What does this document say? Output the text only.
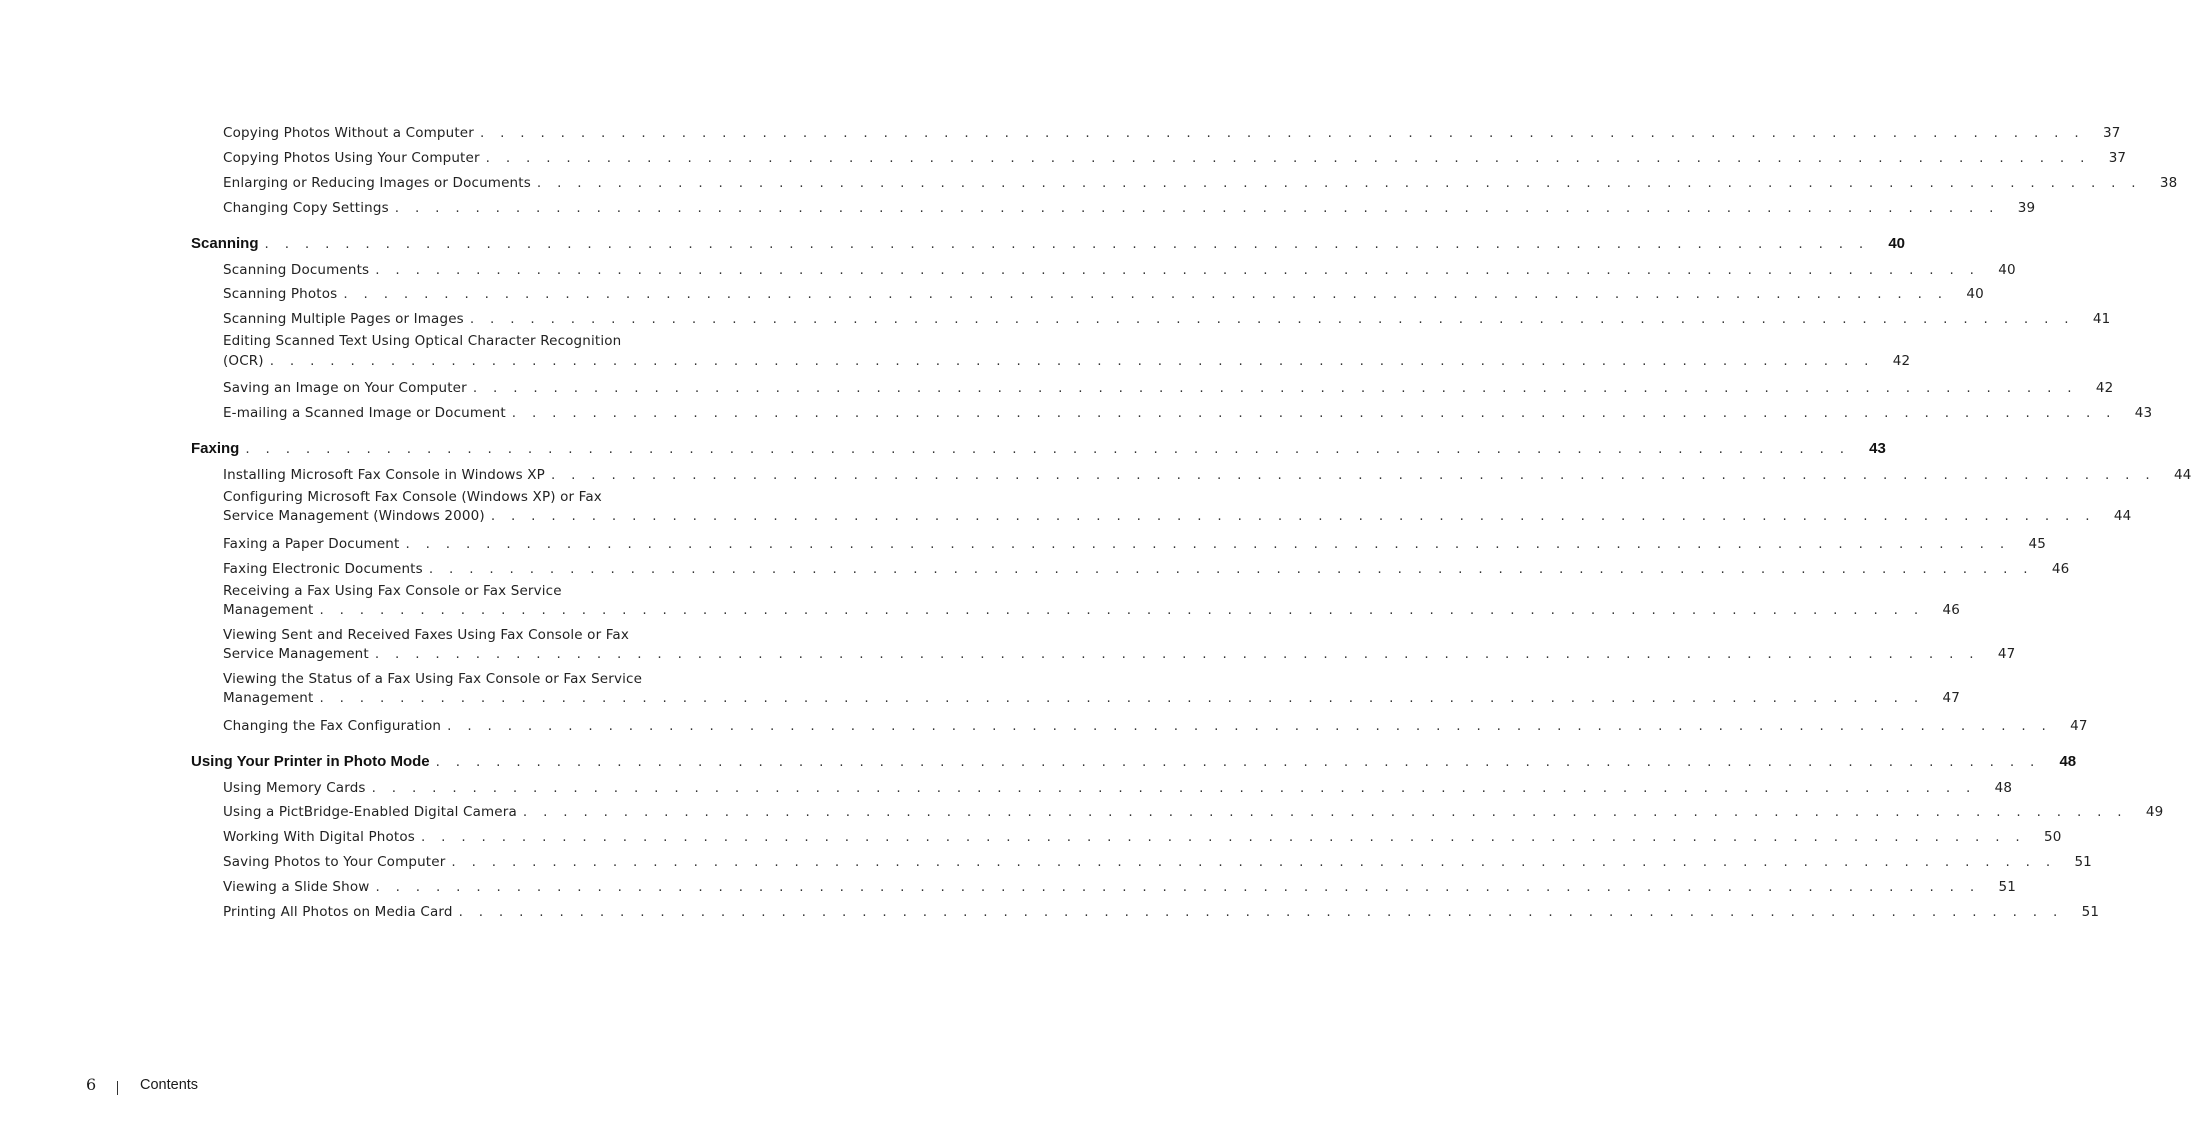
Copying Photos Without a Computer . . . . . . . . . . . . . . . . . . . . . . . . . . . . . . . . . . . . . . . . . . . . . . . . . . . . . . . . . . . . . . . . . . . . . . . . . . . . . . . . 37
Copying Photos Using Your Computer . . . . . . . . . . . . . . . . . . . . . . . . . . . . . . . . . . . . . . . . . . . . . . . . . . . . . . . . . . . . . . . . . . . . . . . . . . . . . . . . 37
Enlarging or Reducing Images or Documents . . . . . . . . . . . . . . . . . . . . . . . . . . . . . . . . . . . . . . . . . . . . . . . . . . . . . . . . . . . . . . . . . . . . . . . . . . . . . . . . 38
Changing Copy Settings . . . . . . . . . . . . . . . . . . . . . . . . . . . . . . . . . . . . . . . . . . . . . . . . . . . . . . . . . . . . . . . . . . . . . . . . . . . . . . . . 39
Scanning . . . . . . . . . . . . . . . . . . . . . . . . . . . . . . . . . . . . . . . . . . . . . . . . . . . . . . . . . . . . . . . . . . . . . . . . . . . . . . . . 40
Scanning Documents . . . . . . . . . . . . . . . . . . . . . . . . . . . . . . . . . . . . . . . . . . . . . . . . . . . . . . . . . . . . . . . . . . . . . . . . . . . . . . . . 40
Scanning Photos . . . . . . . . . . . . . . . . . . . . . . . . . . . . . . . . . . . . . . . . . . . . . . . . . . . . . . . . . . . . . . . . . . . . . . . . . . . . . . . . 40
Scanning Multiple Pages or Images . . . . . . . . . . . . . . . . . . . . . . . . . . . . . . . . . . . . . . . . . . . . . . . . . . . . . . . . . . . . . . . . . . . . . . . . . . . . . . . . 41
Editing Scanned Text Using Optical Character Recognition
(OCR) . . . . . . . . . . . . . . . . . . . . . . . . . . . . . . . . . . . . . . . . . . . . . . . . . . . . . . . . . . . . . . . . . . . . . . . . . . . . . . . . 42
Saving an Image on Your Computer . . . . . . . . . . . . . . . . . . . . . . . . . . . . . . . . . . . . . . . . . . . . . . . . . . . . . . . . . . . . . . . . . . . . . . . . . . . . . . . . 42
E-mailing a Scanned Image or Document . . . . . . . . . . . . . . . . . . . . . . . . . . . . . . . . . . . . . . . . . . . . . . . . . . . . . . . . . . . . . . . . . . . . . . . . . . . . . . . . 43
Faxing . . . . . . . . . . . . . . . . . . . . . . . . . . . . . . . . . . . . . . . . . . . . . . . . . . . . . . . . . . . . . . . . . . . . . . . . . . . . . . . . 43
Installing Microsoft Fax Console in Windows XP . . . . . . . . . . . . . . . . . . . . . . . . . . . . . . . . . . . . . . . . . . . . . . . . . . . . . . . . . . . . . . . . . . . . . . . . . . . . . . . . 44
Configuring Microsoft Fax Console (Windows XP) or Fax
Service Management (Windows 2000) . . . . . . . . . . . . . . . . . . . . . . . . . . . . . . . . . . . . . . . . . . . . . . . . . . . . . . . . . . . . . . . . . . . . . . . . . . . . . . . . 44
Faxing a Paper Document . . . . . . . . . . . . . . . . . . . . . . . . . . . . . . . . . . . . . . . . . . . . . . . . . . . . . . . . . . . . . . . . . . . . . . . . . . . . . . . . 45
Faxing Electronic Documents . . . . . . . . . . . . . . . . . . . . . . . . . . . . . . . . . . . . . . . . . . . . . . . . . . . . . . . . . . . . . . . . . . . . . . . . . . . . . . . . 46
Receiving a Fax Using Fax Console or Fax Service
Management . . . . . . . . . . . . . . . . . . . . . . . . . . . . . . . . . . . . . . . . . . . . . . . . . . . . . . . . . . . . . . . . . . . . . . . . . . . . . . . . 46
Viewing Sent and Received Faxes Using Fax Console or Fax
Service Management . . . . . . . . . . . . . . . . . . . . . . . . . . . . . . . . . . . . . . . . . . . . . . . . . . . . . . . . . . . . . . . . . . . . . . . . . . . . . . . . 47
Viewing the Status of a Fax Using Fax Console or Fax Service
Management . . . . . . . . . . . . . . . . . . . . . . . . . . . . . . . . . . . . . . . . . . . . . . . . . . . . . . . . . . . . . . . . . . . . . . . . . . . . . . . . 47
Changing the Fax Configuration . . . . . . . . . . . . . . . . . . . . . . . . . . . . . . . . . . . . . . . . . . . . . . . . . . . . . . . . . . . . . . . . . . . . . . . . . . . . . . . . 47
Using Your Printer in Photo Mode . . . . . . . . . . . . . . . . . . . . . . . . . . . . . . . . . . . . . . . . . . . . . . . . . . . . . . . . . . . . . . . . . . . . . . . . . . . . . . . . 48
Using Memory Cards . . . . . . . . . . . . . . . . . . . . . . . . . . . . . . . . . . . . . . . . . . . . . . . . . . . . . . . . . . . . . . . . . . . . . . . . . . . . . . . . 48
Using a PictBridge-Enabled Digital Camera . . . . . . . . . . . . . . . . . . . . . . . . . . . . . . . . . . . . . . . . . . . . . . . . . . . . . . . . . . . . . . . . . . . . . . . . . . . . . . . . 49
Working With Digital Photos . . . . . . . . . . . . . . . . . . . . . . . . . . . . . . . . . . . . . . . . . . . . . . . . . . . . . . . . . . . . . . . . . . . . . . . . . . . . . . . . 50
Saving Photos to Your Computer . . . . . . . . . . . . . . . . . . . . . . . . . . . . . . . . . . . . . . . . . . . . . . . . . . . . . . . . . . . . . . . . . . . . . . . . . . . . . . . . 51
Viewing a Slide Show . . . . . . . . . . . . . . . . . . . . . . . . . . . . . . . . . . . . . . . . . . . . . . . . . . . . . . . . . . . . . . . . . . . . . . . . . . . . . . . . 51
Printing All Photos on Media Card . . . . . . . . . . . . . . . . . . . . . . . . . . . . . . . . . . . . . . . . . . . . . . . . . . . . . . . . . . . . . . . . . . . . . . . . . . . . . . . . 51
6	Contents
